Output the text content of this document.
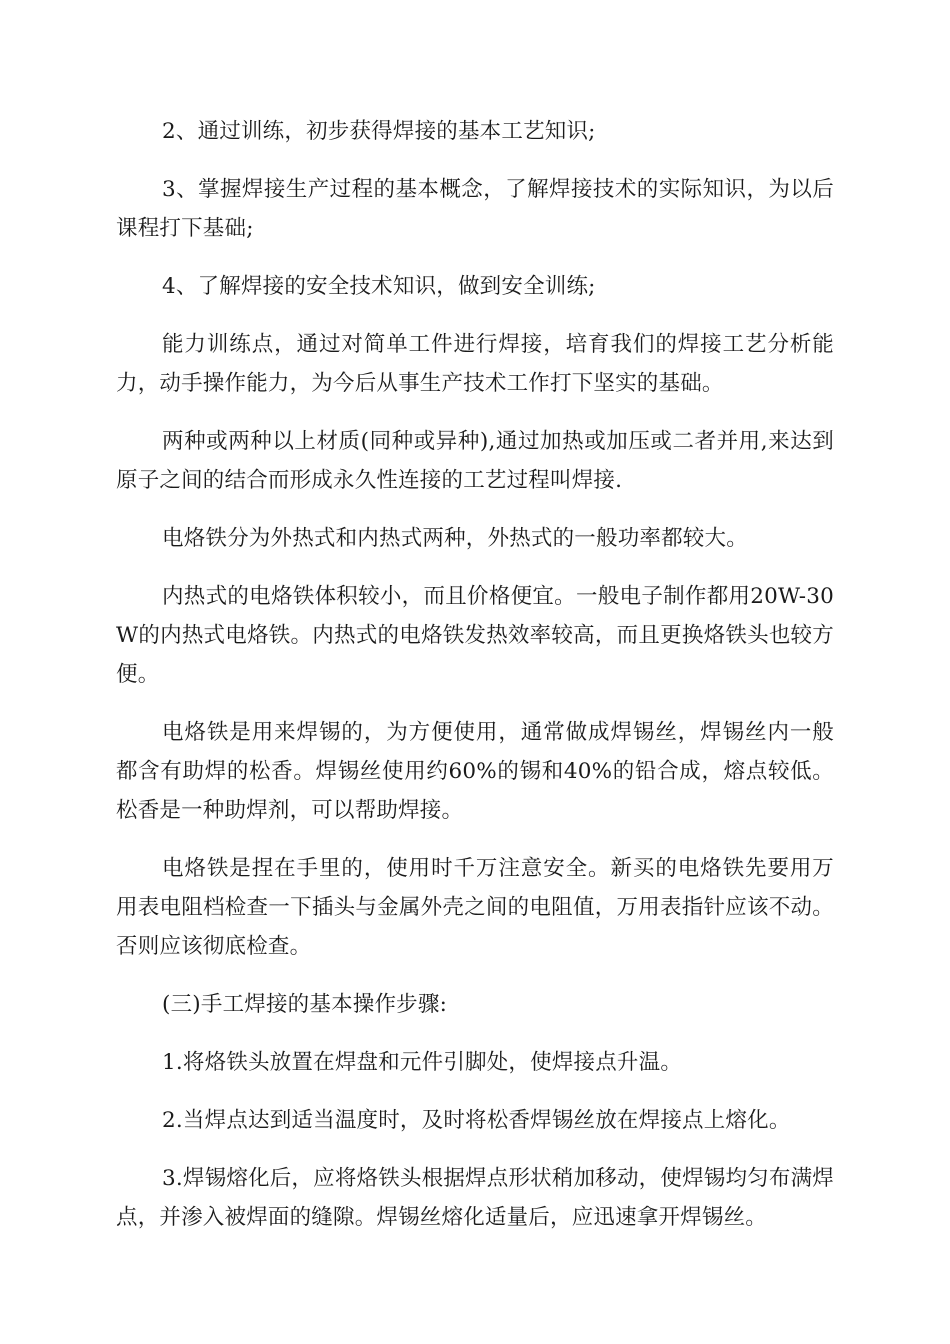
2、通过训练，初步获得焊接的基本工艺知识;

3、掌握焊接生产过程的基本概念，了解焊接技术的实际知识，为以后课程打下基础;

4、了解焊接的安全技术知识，做到安全训练;

能力训练点，通过对简单工件进行焊接，培育我们的焊接工艺分析能力，动手操作能力，为今后从事生产技术工作打下坚实的基础。

两种或两种以上材质(同种或异种),通过加热或加压或二者并用,来达到原子之间的结合而形成永久性连接的工艺过程叫焊接.

电烙铁分为外热式和内热式两种，外热式的一般功率都较大。

内热式的电烙铁体积较小，而且价格便宜。一般电子制作都用20W-30W的内热式电烙铁。内热式的电烙铁发热效率较高，而且更换烙铁头也较方便。

电烙铁是用来焊锡的，为方便使用，通常做成焊锡丝，焊锡丝内一般都含有助焊的松香。焊锡丝使用约60%的锡和40%的铅合成，熔点较低。松香是一种助焊剂，可以帮助焊接。

电烙铁是捏在手里的，使用时千万注意安全。新买的电烙铁先要用万用表电阻档检查一下插头与金属外壳之间的电阻值，万用表指针应该不动。否则应该彻底检查。

(三)手工焊接的基本操作步骤:

1.将烙铁头放置在焊盘和元件引脚处，使焊接点升温。

2.当焊点达到适当温度时，及时将松香焊锡丝放在焊接点上熔化。

3.焊锡熔化后，应将烙铁头根据焊点形状稍加移动，使焊锡均匀布满焊点，并渗入被焊面的缝隙。焊锡丝熔化适量后，应迅速拿开焊锡丝。
